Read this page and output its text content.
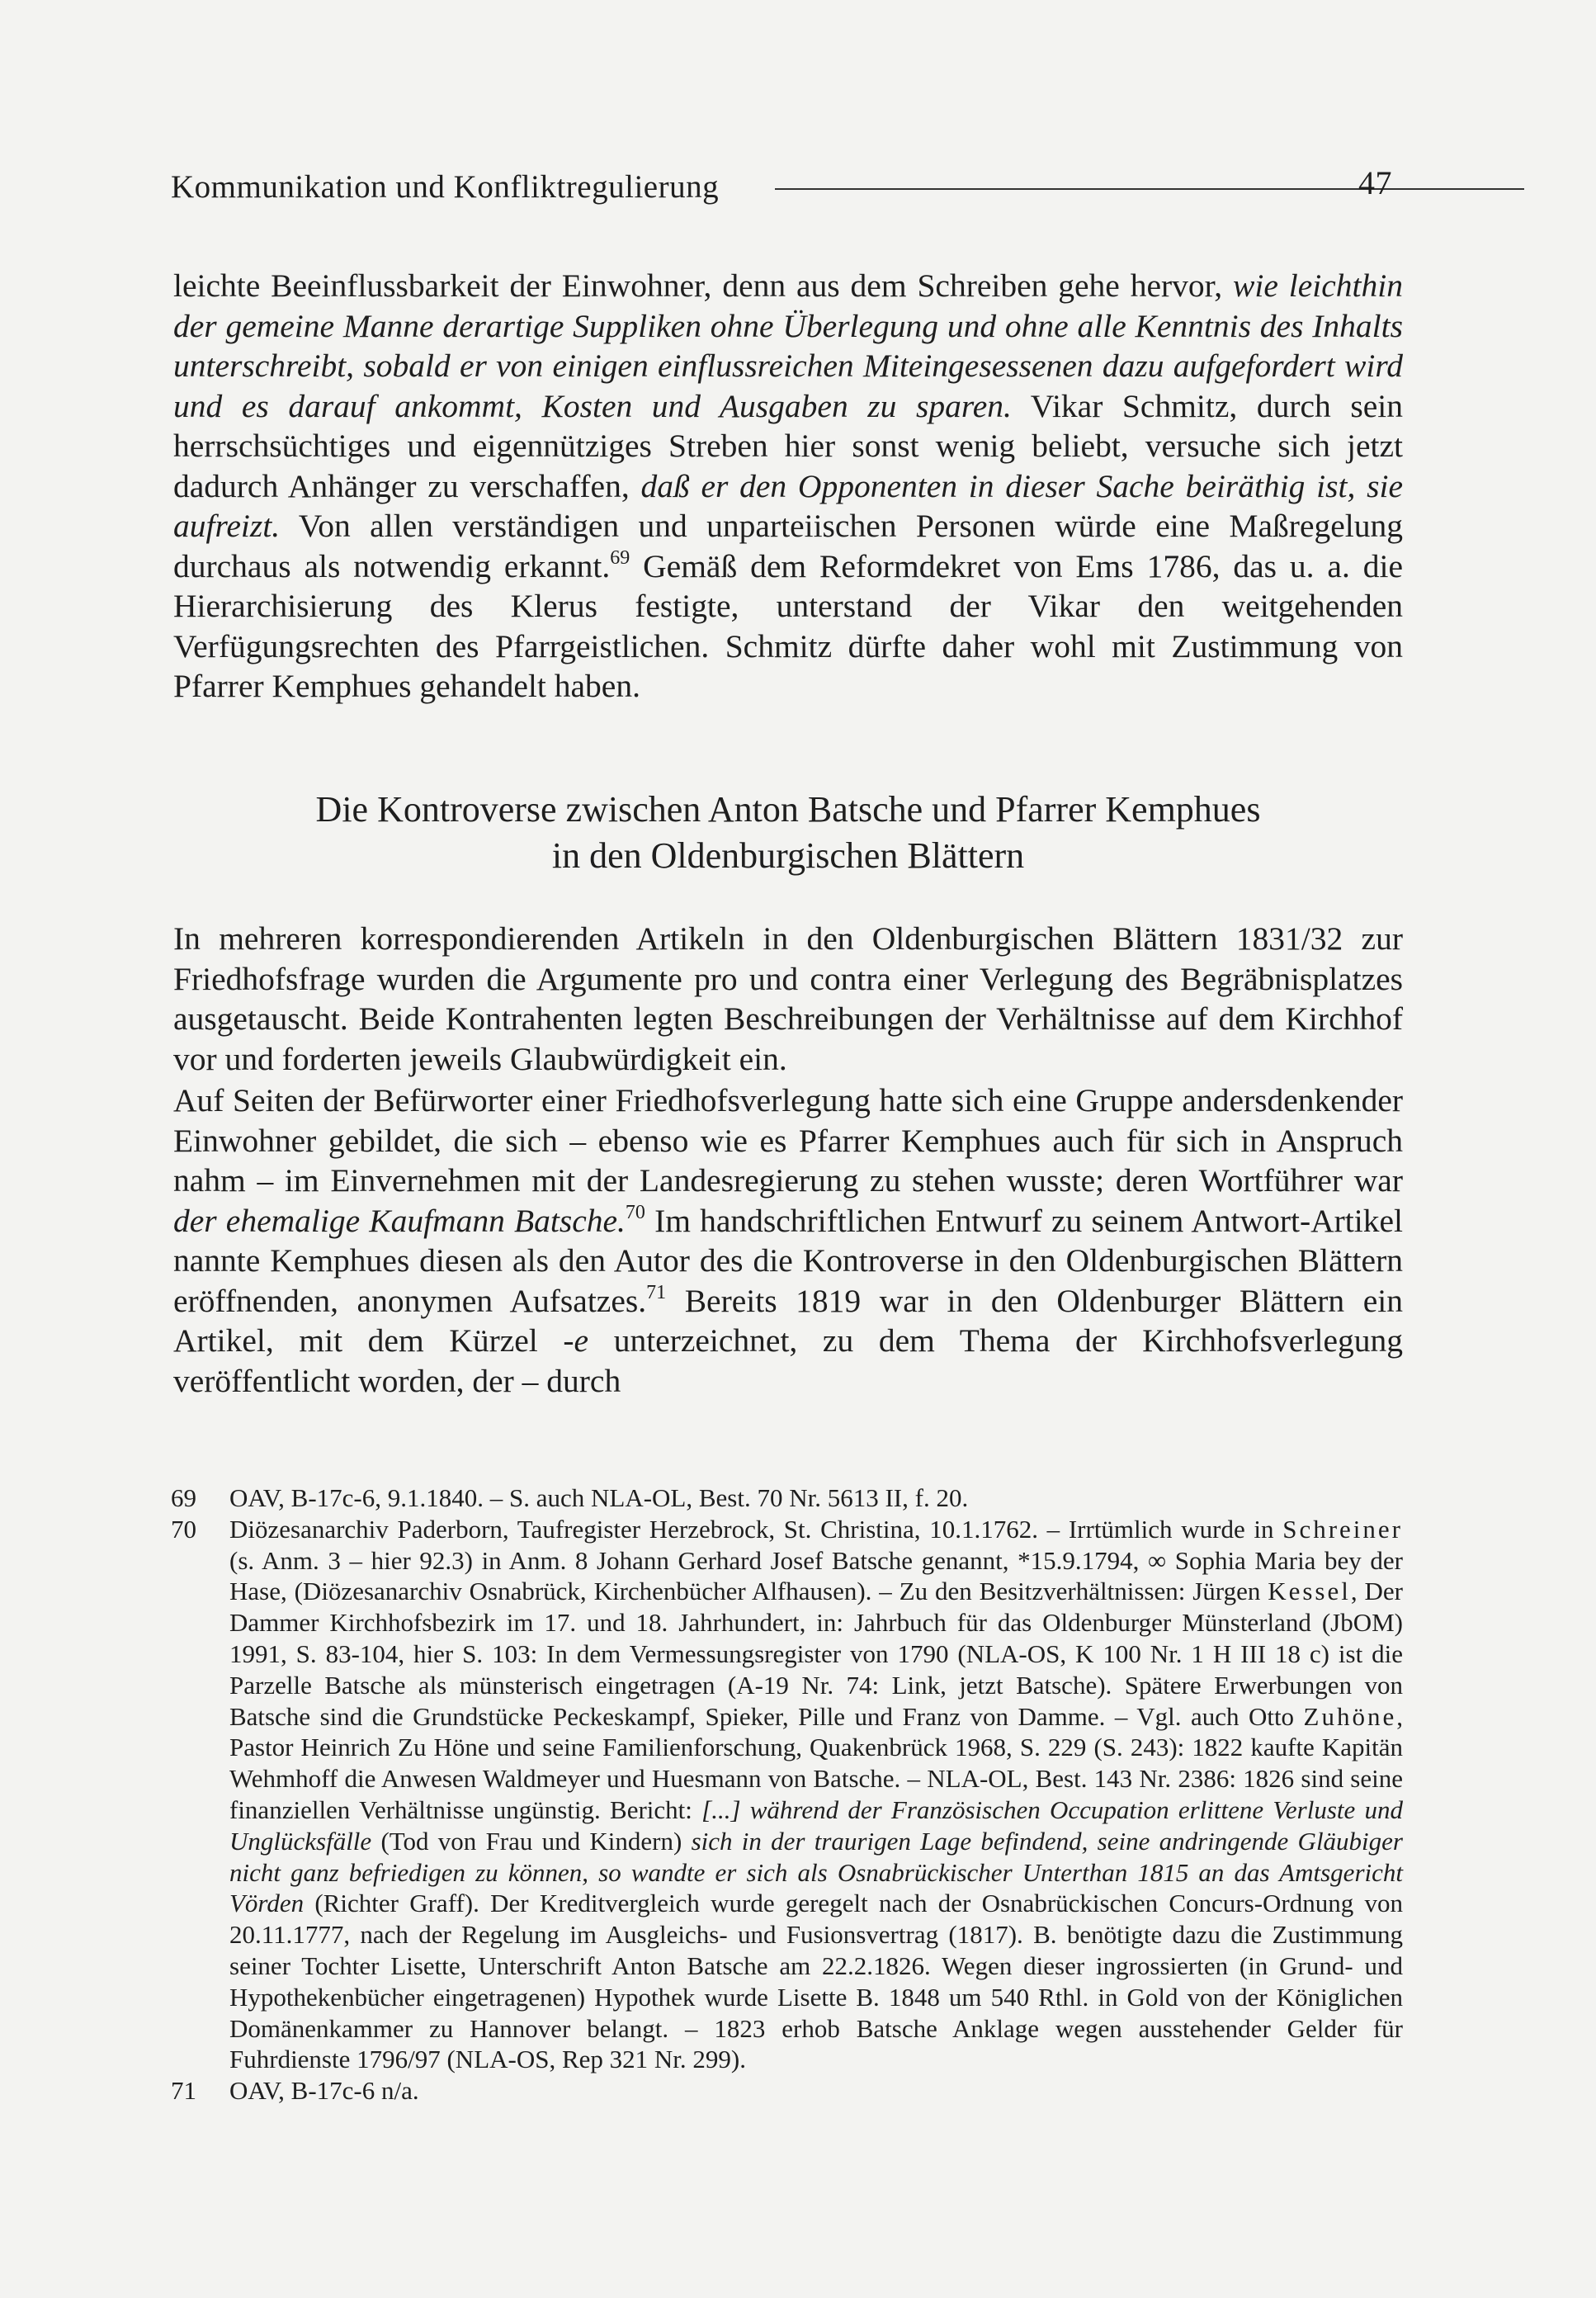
Kommunikation und Konfliktregulierung	47
leichte Beeinflussbarkeit der Einwohner, denn aus dem Schreiben gehe hervor, wie leichthin der gemeine Manne derartige Suppliken ohne Überlegung und ohne alle Kenntnis des Inhalts unterschreibt, sobald er von einigen einflussreichen Miteingesessenen dazu aufgefordert wird und es darauf ankommt, Kosten und Ausgaben zu sparen. Vikar Schmitz, durch sein herrschsüchtiges und eigennütziges Streben hier sonst wenig beliebt, versuche sich jetzt dadurch Anhänger zu verschaffen, daß er den Opponenten in dieser Sache beiräthig ist, sie aufreizt. Von allen verständigen und unparteiischen Personen würde eine Maßregelung durchaus als notwendig erkannt.$^{69}$ Gemäß dem Reformdekret von Ems 1786, das u. a. die Hierarchisierung des Klerus festigte, unterstand der Vikar den weitgehenden Verfügungsrechten des Pfarrgeistlichen. Schmitz dürfte daher wohl mit Zustimmung von Pfarrer Kemphues gehandelt haben.
Die Kontroverse zwischen Anton Batsche und Pfarrer Kemphues
in den Oldenburgischen Blättern
In mehreren korrespondierenden Artikeln in den Oldenburgischen Blättern 1831/32 zur Friedhofsfrage wurden die Argumente pro und contra einer Verlegung des Begräbnisplatzes ausgetauscht. Beide Kontrahenten legten Beschreibungen der Verhältnisse auf dem Kirchhof vor und forderten jeweils Glaubwürdigkeit ein.
Auf Seiten der Befürworter einer Friedhofsverlegung hatte sich eine Gruppe andersdenkender Einwohner gebildet, die sich – ebenso wie es Pfarrer Kemphues auch für sich in Anspruch nahm – im Einvernehmen mit der Landesregierung zu stehen wusste; deren Wortführer war der ehemalige Kaufmann Batsche.$^{70}$ Im handschriftlichen Entwurf zu seinem Antwort-Artikel nannte Kemphues diesen als den Autor des die Kontroverse in den Oldenburgischen Blättern eröffnenden, anonymen Aufsatzes.$^{71}$ Bereits 1819 war in den Oldenburger Blättern ein Artikel, mit dem Kürzel -e unterzeichnet, zu dem Thema der Kirchhofsverlegung veröffentlicht worden, der – durch
69 OAV, B-17c-6, 9.1.1840. – S. auch NLA-OL, Best. 70 Nr. 5613 II, f. 20.
70 Diözesanarchiv Paderborn, Taufregister Herzebrock, St. Christina, 10.1.1762. – Irrtümlich wurde in Schreiner (s. Anm. 3 – hier 92.3) in Anm. 8 Johann Gerhard Josef Batsche genannt, *15.9.1794, ∞ Sophia Maria bey der Hase, (Diözesanarchiv Osnabrück, Kirchenbücher Alfhausen). – Zu den Besitzverhältnissen: Jürgen Kessel, Der Dammer Kirchhofsbezirk im 17. und 18. Jahrhundert, in: Jahrbuch für das Oldenburger Münsterland (JbOM) 1991, S. 83-104, hier S. 103: In dem Vermessungsregister von 1790 (NLA-OS, K 100 Nr. 1 H III 18 c) ist die Parzelle Batsche als münsterisch eingetragen (A-19 Nr. 74: Link, jetzt Batsche). Spätere Erwerbungen von Batsche sind die Grundstücke Peckeskampf, Spieker, Pille und Franz von Damme. – Vgl. auch Otto Zuhöne, Pastor Heinrich Zu Höne und seine Familienforschung, Quakenbrück 1968, S. 229 (S. 243): 1822 kaufte Kapitän Wehmhoff die Anwesen Waldmeyer und Huesmann von Batsche. – NLA-OL, Best. 143 Nr. 2386: 1826 sind seine finanziellen Verhältnisse ungünstig. Bericht: [...] während der Französischen Occupation erlittene Verluste und Unglücksfälle (Tod von Frau und Kindern) sich in der traurigen Lage befindend, seine andringende Gläubiger nicht ganz befriedigen zu können, so wandte er sich als Osnabrückischer Unterthan 1815 an das Amtsgericht Vörden (Richter Graff). Der Kreditvergleich wurde geregelt nach der Osnabrückischen Concurs-Ordnung von 20.11.1777, nach der Regelung im Ausgleichs- und Fusionsvertrag (1817). B. benötigte dazu die Zustimmung seiner Tochter Lisette, Unterschrift Anton Batsche am 22.2.1826. Wegen dieser ingrossierten (in Grund- und Hypothekenbücher eingetragenen) Hypothek wurde Lisette B. 1848 um 540 Rthl. in Gold von der Königlichen Domänenkammer zu Hannover belangt. – 1823 erhob Batsche Anklage wegen ausstehender Gelder für Fuhrdienste 1796/97 (NLA-OS, Rep 321 Nr. 299).
71 OAV, B-17c-6 n/a.
